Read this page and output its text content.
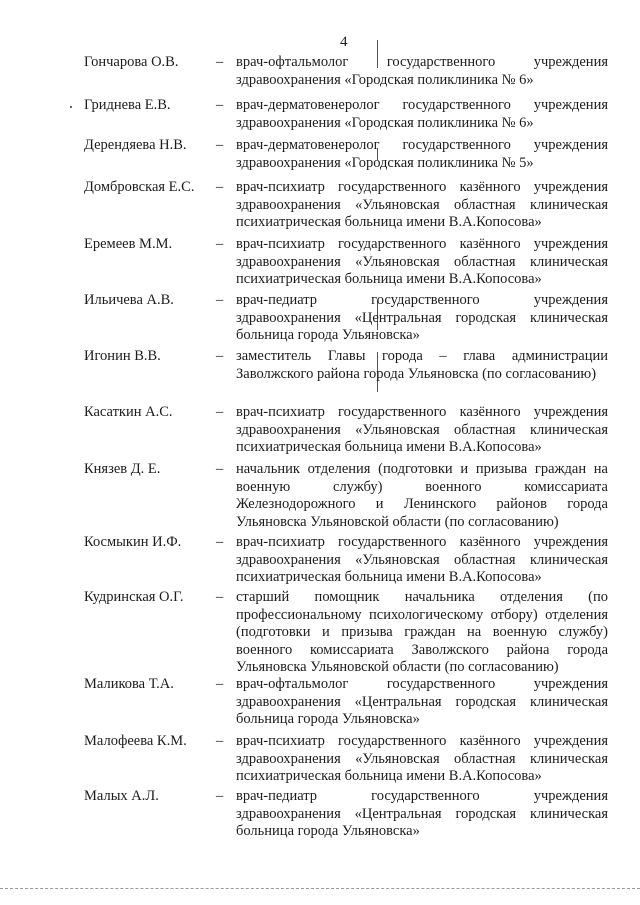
4
Гончарова О.В.	– врач-офтальмолог государственного учреждения здравоохранения «Городская поликлиника № 6»
Гриднева Е.В.	– врач-дерматовенеролог государственного учреждения здравоохранения «Городская поликлиника № 6»
Дерендяева Н.В. – врач-дерматовенеролог государственного учреждения здравоохранения «Городская поликлиника № 5»
Домбровская Е.С. – врач-психиатр государственного казённого учреждения здравоохранения «Ульяновская областная клиническая психиатрическая больница имени В.А.Копосова»
Еремеев М.М.	– врач-психиатр государственного казённого учреждения здравоохранения «Ульяновская областная клиническая психиатрическая больница имени В.А.Копосова»
Ильичева А.В.	– врач-педиатр государственного учреждения здравоохранения «Центральная городская клиническая больница города Ульяновска»
Игонин В.В.	– заместитель Главы города – глава администрации Заволжского района города Ульяновска (по согласованию)
Касаткин А.С.	– врач-психиатр государственного казённого учреждения здравоохранения «Ульяновская областная клиническая психиатрическая больница имени В.А.Копосова»
Князев Д. Е.	– начальник отделения (подготовки и призыва граждан на военную службу) военного комиссариата Железнодорожного и Ленинского районов города Ульяновска Ульяновской области (по согласованию)
Космыкин И.Ф. – врач-психиатр государственного казённого учреждения здравоохранения «Ульяновская областная клиническая психиатрическая больница имени В.А.Копосова»
Кудринская О.Г. – старший помощник начальника отделения (по профессиональному психологическому отбору) отделения (подготовки и призыва граждан на военную службу) военного комиссариата Заволжского района города Ульяновска Ульяновской области (по согласованию)
Маликова Т.А.	– врач-офтальмолог государственного учреждения здравоохранения «Центральная городская клиническая больница города Ульяновска»
Малофеева К.М. – врач-психиатр государственного казённого учреждения здравоохранения «Ульяновская областная клиническая психиатрическая больница имени В.А.Копосова»
Малых А.Л.	– врач-педиатр государственного учреждения здравоохранения «Центральная городская клиническая больница города Ульяновска»
